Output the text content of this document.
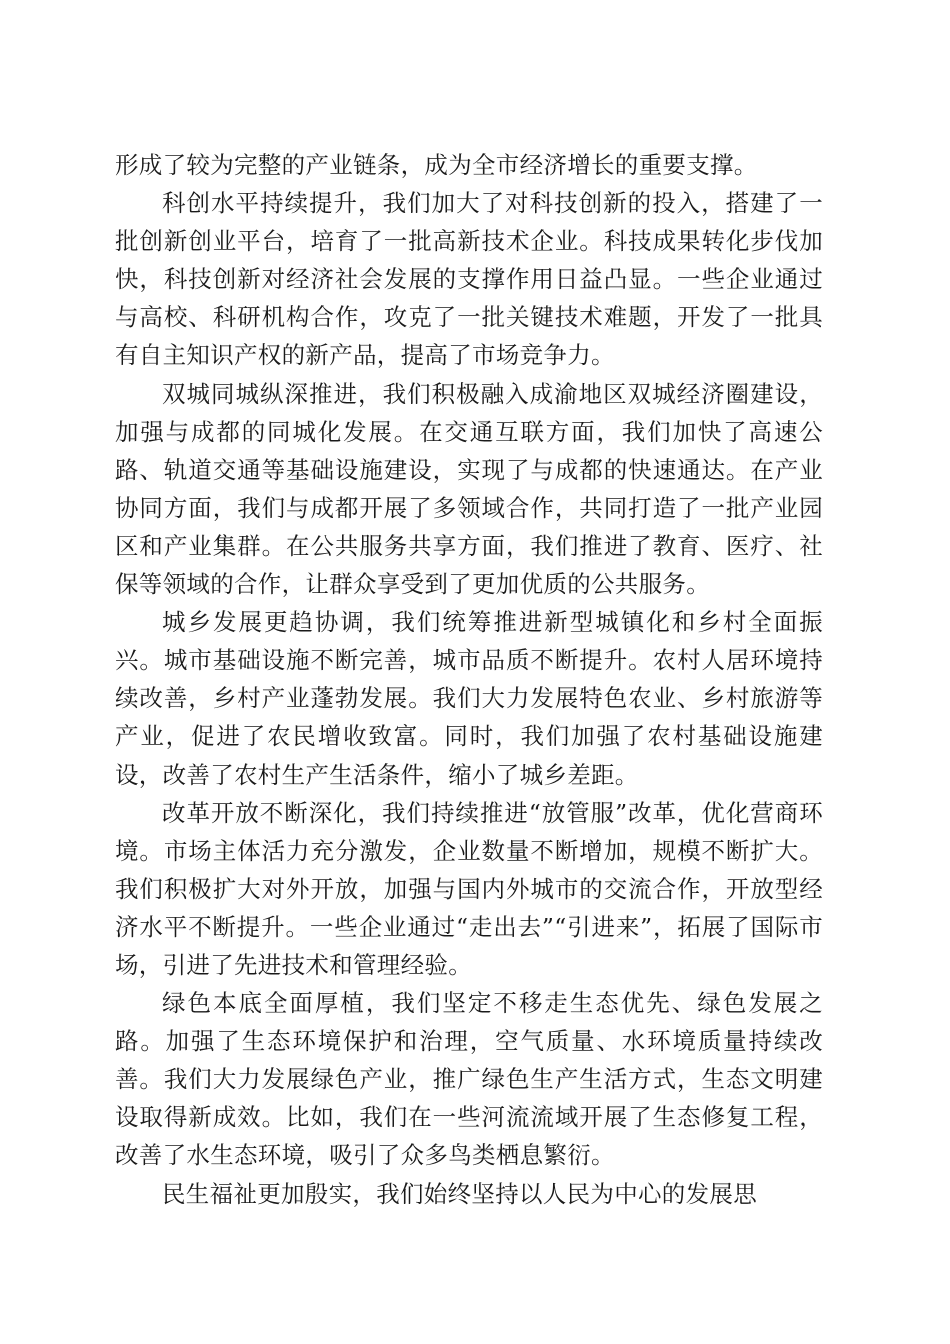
形成了较为完整的产业链条，成为全市经济增长的重要支撑。

科创水平持续提升，我们加大了对科技创新的投入，搭建了一批创新创业平台，培育了一批高新技术企业。科技成果转化步伐加快，科技创新对经济社会发展的支撑作用日益凸显。一些企业通过与高校、科研机构合作，攻克了一批关键技术难题，开发了一批具有自主知识产权的新产品，提高了市场竞争力。

双城同城纵深推进，我们积极融入成渝地区双城经济圈建设，加强与成都的同城化发展。在交通互联方面，我们加快了高速公路、轨道交通等基础设施建设，实现了与成都的快速通达。在产业协同方面，我们与成都开展了多领域合作，共同打造了一批产业园区和产业集群。在公共服务共享方面，我们推进了教育、医疗、社保等领域的合作，让群众享受到了更加优质的公共服务。

城乡发展更趋协调，我们统筹推进新型城镇化和乡村全面振兴。城市基础设施不断完善，城市品质不断提升。农村人居环境持续改善，乡村产业蓬勃发展。我们大力发展特色农业、乡村旅游等产业，促进了农民增收致富。同时，我们加强了农村基础设施建设，改善了农村生产生活条件，缩小了城乡差距。

改革开放不断深化，我们持续推进“放管服”改革，优化营商环境。市场主体活力充分激发，企业数量不断增加，规模不断扩大。我们积极扩大对外开放，加强与国内外城市的交流合作，开放型经济水平不断提升。一些企业通过“走出去”“引进来”，拓展了国际市场，引进了先进技术和管理经验。

绿色本底全面厚植，我们坚定不移走生态优先、绿色发展之路。加强了生态环境保护和治理，空气质量、水环境质量持续改善。我们大力发展绿色产业，推广绿色生产生活方式，生态文明建设取得新成效。比如，我们在一些河流流域开展了生态修复工程，改善了水生态环境，吸引了众多鸟类栖息繁衍。

民生福祉更加殷实，我们始终坚持以人民为中心的发展思
